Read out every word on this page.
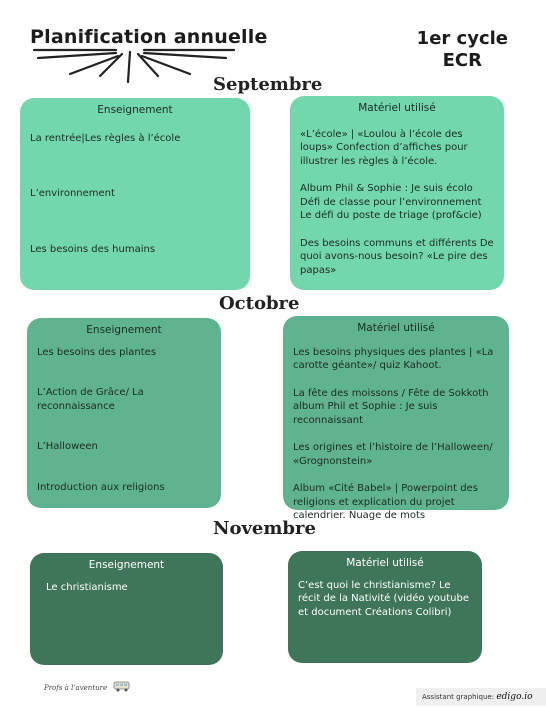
Planification annuelle	1er cycle
ECR
Septembre
Octobre
Novembre
Enseignement
La rentrée|Les règles à l’école
L’environnement
Les besoins des humains
Matériel utilisé
«L’école» | «Loulou à l’école des loups» Confection d’affiches pour illustrer les règles à l’école.
Album Phil & Sophie : Je suis écolo Défi de classe pour l’environnement Le défi du poste de triage (prof&cie)
Des besoins communs et différents De quoi avons-nous besoin? «Le pire des papas»
Enseignement
Les besoins des plantes
L’Action de Grâce/ La reconnaissance
L’Halloween
Introduction aux religions
Matériel utilisé
Les besoins physiques des plantes | «La carotte géante»/ quiz Kahoot.
La fête des moissons / Fête de Sokkoth album Phil et Sophie : Je suis reconnaissant
Les origines et l’histoire de l’Halloween/ «Grognonstein»
Album «Cité Babel» | Powerpoint des religions et explication du projet calendrier. Nuage de mots
Enseignement
Le christianisme
Matériel utilisé
C’est quoi le christianisme? Le récit de la Nativité (vidéo youtube et document Créations Colibri)
Profs à l’aventure
Assistant graphique: edigo.io
